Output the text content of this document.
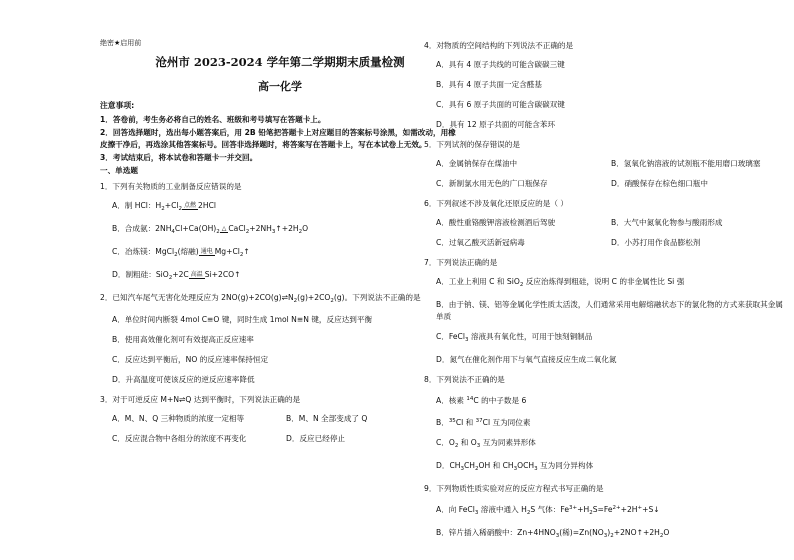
绝密★启用前
沧州市 2023-2024 学年第二学期期末质量检测
高一化学
注意事项:
1．答卷前，考生务必将自己的姓名、班级和考号填写在答题卡上。
2．回答选择题时，选出每小题答案后，用 2B 铅笔把答题卡上对应题目的答案标号涂黑，如需改动，用橡皮擦干净后，再选涂其他答案标号。回答非选择题时，将答案写在答题卡上，写在本试卷上无效。
3．考试结束后，将本试卷和答题卡一并交回。
一、单选题
1．下列有关物质的工业制备反应错误的是
A．制 HCl：$H_2+Cl_2$ 点燃 2HCl
B．合成氨：$2NH_4Cl+Ca(OH)_2$ △ $CaCl_2+2NH_3↑+2H_2O$
C．冶炼镁：MgCl$_2$(熔融) 通电 $Mg+Cl_2↑$
D．制粗硅：SiO$_2$+2C 高温 Si+2CO↑
2．已知汽车尾气无害化处理反应为 $2NO(g)+2CO(g)\rightleftharpoons N_2(g)+2CO_2(g)$。下列说法不正确的是
A．单位时间内断裂 4mol C≡O 键，同时生成 1mol N≡N 键，反应达到平衡
B．使用高效催化剂可有效提高正反应速率
C．反应达到平衡后，NO 的反应速率保持恒定
D．升高温度可使该反应的逆反应速率降低
3．对于可逆反应 M+N⇌Q 达到平衡时，下列说法正确的是
A．M、N、Q 三种物质的浓度一定相等	B．M、N 全部变成了 Q
C．反应混合物中各组分的浓度不再变化	D．反应已经停止
4．对物质的空间结构的下列说法不正确的是
A．具有 4 原子共线的可能含碳碳三键
B．具有 4 原子共面一定含醛基
C．具有 6 原子共面的可能含碳碳双键
D．具有 12 原子共面的可能含苯环
5．下列试剂的保存错误的是
A．金属钠保存在煤油中	B．氢氧化钠溶液的试剂瓶不能用磨口玻璃塞
C．新制氯水用无色的广口瓶保存	D．硝酸保存在棕色细口瓶中
6．下列叙述不涉及氧化还原反应的是（ ）
A．酸性重铬酸钾溶液检测酒后驾驶	B．大气中氮氧化物参与酸雨形成
C．过氧乙酸灭活新冠病毒	D．小苏打用作食品膨松剂
7．下列说法正确的是
A．工业上利用 C 和 SiO$_2$ 反应治炼得到粗硅，说明 C 的非金属性比 Si 强
B．由于钠、镁、铝等金属化学性质太活泼，人们通常采用电解熔融状态下的氯化物的方式来获取其金属单质
C．FeCl$_3$ 溶液具有氧化性，可用于蚀刻铜制品
D．氮气在催化剂作用下与氧气直接反应生成二氧化氮
8．下列说法不正确的是
A．核素 $^{14}$C 的中子数是 6
B．$^{35}$Cl 和 $^{37}$Cl 互为同位素
C．$O_2$ 和 $O_3$ 互为同素异形体
D．$CH_3CH_2OH$ 和 $CH_3OCH_3$ 互为同分异构体
9．下列物质性质实验对应的反应方程式书写正确的是
A．向 FeCl$_3$ 溶液中通入 $H_2S$ 气体：$Fe^{3+}+H_2S=Fe^{2+}+2H^++S↓$
B．锌片插入稀硝酸中：$Zn+4HNO_3$(稀)$=Zn(NO_3)_2+2NO↑+2H_2O$
